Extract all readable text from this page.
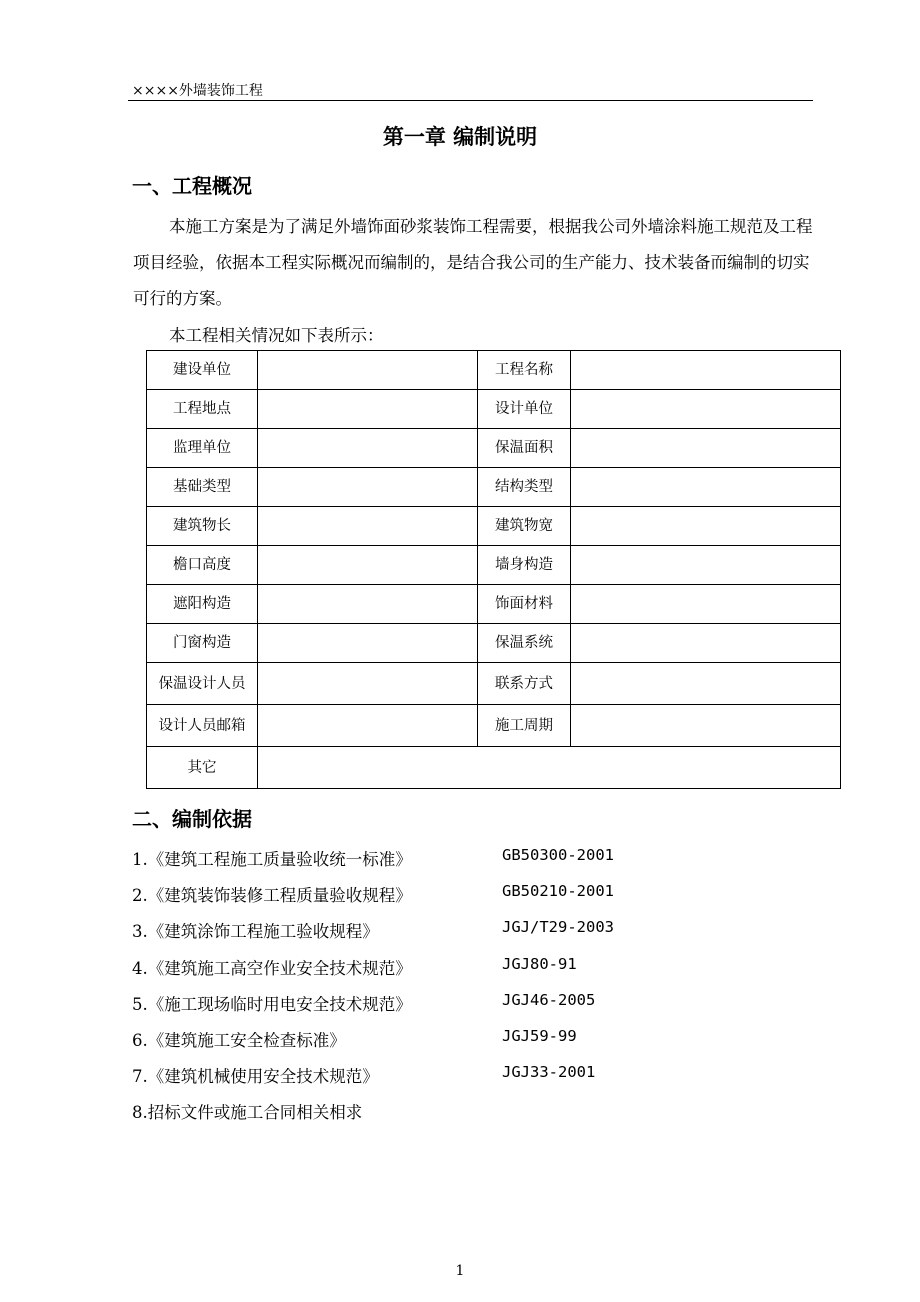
××××外墙装饰工程
第一章 编制说明
一、工程概况
本施工方案是为了满足外墙饰面砂浆装饰工程需要，根据我公司外墙涂料施工规范及工程项目经验，依据本工程实际概况而编制的，是结合我公司的生产能力、技术装备而编制的切实可行的方案。
本工程相关情况如下表所示：
建设单位		工程名称	
工程地点		设计单位	
监理单位		保温面积	
基础类型		结构类型	
建筑物长		建筑物宽	
檐口高度		墙身构造	
遮阳构造		饰面材料	
门窗构造		保温系统	
保温设计人员		联系方式	
设计人员邮箱		施工周期	
其它			
二、编制依据
1.《建筑工程施工质量验收统一标准》	GB50300-2001
2.《建筑装饰装修工程质量验收规程》	GB50210-2001
3.《建筑涂饰工程施工验收规程》	JGJ/T29-2003
4.《建筑施工高空作业安全技术规范》	JGJ80-91
5.《施工现场临时用电安全技术规范》	JGJ46-2005
6.《建筑施工安全检查标准》	JGJ59-99
7.《建筑机械使用安全技术规范》	JGJ33-2001
8.招标文件或施工合同相关相求
1
